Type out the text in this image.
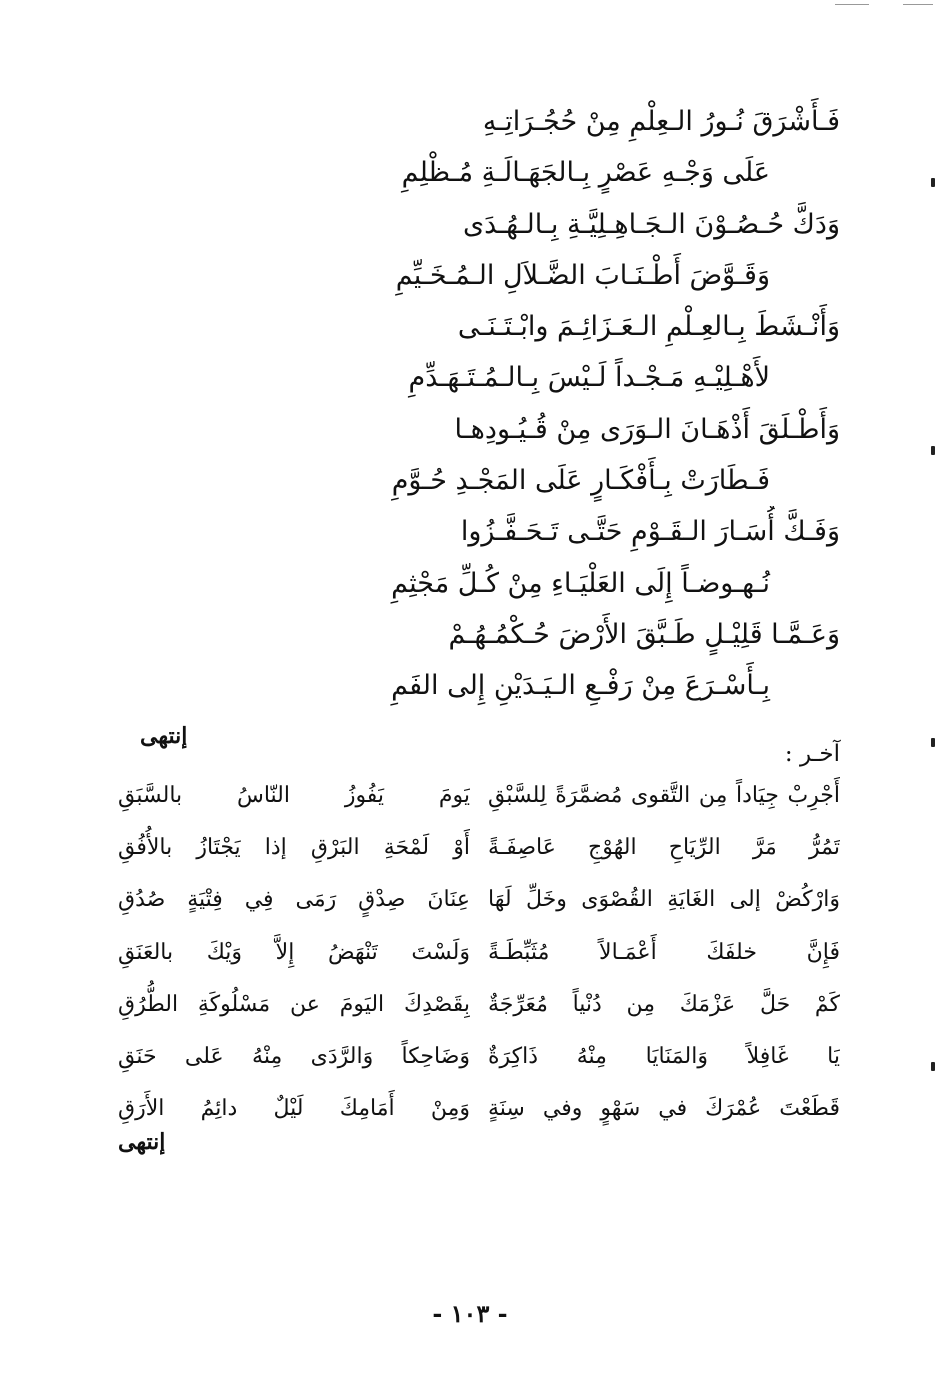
فَـأَشْرَقَ نُـورُ الـعِلْمِ مِنْ حُجُـرَاتِـهِ
عَلَى وَجْـهِ عَصْرٍ بِـالجَهَـالَـةِ مُـظْلِمِ
وَدَكَّ حُـصُـوْنَ الـجَـاهِـلِيَّـةِ بِـالـهُـدَى
وَقَـوَّضَ أَطْـنَـابَ الضَّـلاَلِ الـمُـخَـيِّمِ
وَأَنْـشَطَ بِـالعِـلْمِ الـعَـزَائِـمَ وابْـتَـنَـى
لأَهْـلِيْـهِ مَـجْـداً لَـيْسَ بِـالـمُـتَـهَـدِّمِ
وَأَطْـلَقَ أَذْهَـانَ الـوَرَى مِنْ قُـيُـودِهـا
فَـطَارَتْ بِـأَفْكَـارٍ عَلَى المَجْـدِ حُـوَّمِ
وَفَـكَّ أُسَـارَ الـقَـوْمِ حَتَّـى تَـحَـفَّـزُوا
نُـهـوضـاً إِلَى العَلْيَـاءِ مِنْ كُـلِّ مَجْثِمِ
وَعَـمَّـا قَلِيْـلٍ طَـبَّقَ الأَرْضَ حُـكْمُـهُـمْ
بِـأَسْـرَعَ مِنْ رَفْـعِ الـيَـدَيْنِ إِلى الفَمِ
إنتهى
آخـر :
أَجْرِبْ جِيَاداً مِن التَّقوى مُضمَّرَةً لِلسَّبْقِ
يَومَ يَفُوزُ النّاسُ بالسَّبَقِ
تَمُرُّ مَرَّ الرِّيَاحِ الهُوْجِ عَاصِفَـةً
أَوْ لَمْحَةِ البَرْقِ إذا يَجْتَازُ بالأُفُقِ
وَارْكُضْ إلى الغَايَةِ القُصْوَى وخَلِّ لَهَا
عِنَانَ صِدْقٍ رَمَى فِي فِتْيَةٍ صُدُقِ
فَإِنَّ خلفَكَ أَعْمَـالاً مُثَبِّطَـةً
وَلَسْتَ تَنْهَضُ إِلاَّ وَيْكَ بالعَنَقِ
كَمْ حَلَّ عَزْمَكَ مِن دُنْياً مُعَرِّجَةٌ
بِقَصْدِكَ اليَومَ عن مَسْلُوكَةِ الطُّرُقِ
يَا غَافِلاً وَالمَنَايَا مِنْهُ ذَاكِرَةٌ
وَضَاحِكاً وَالرَّدَى مِنْهُ عَلى حَنَقِ
قَطَعْتَ عُمْرَكَ في سَهْوٍ وفي سِنَةٍ
وَمِنْ أَمَامِكَ لَيْلٌ دائِمُ الأَرَقِ
إنتهى
- ١٠٣ -
